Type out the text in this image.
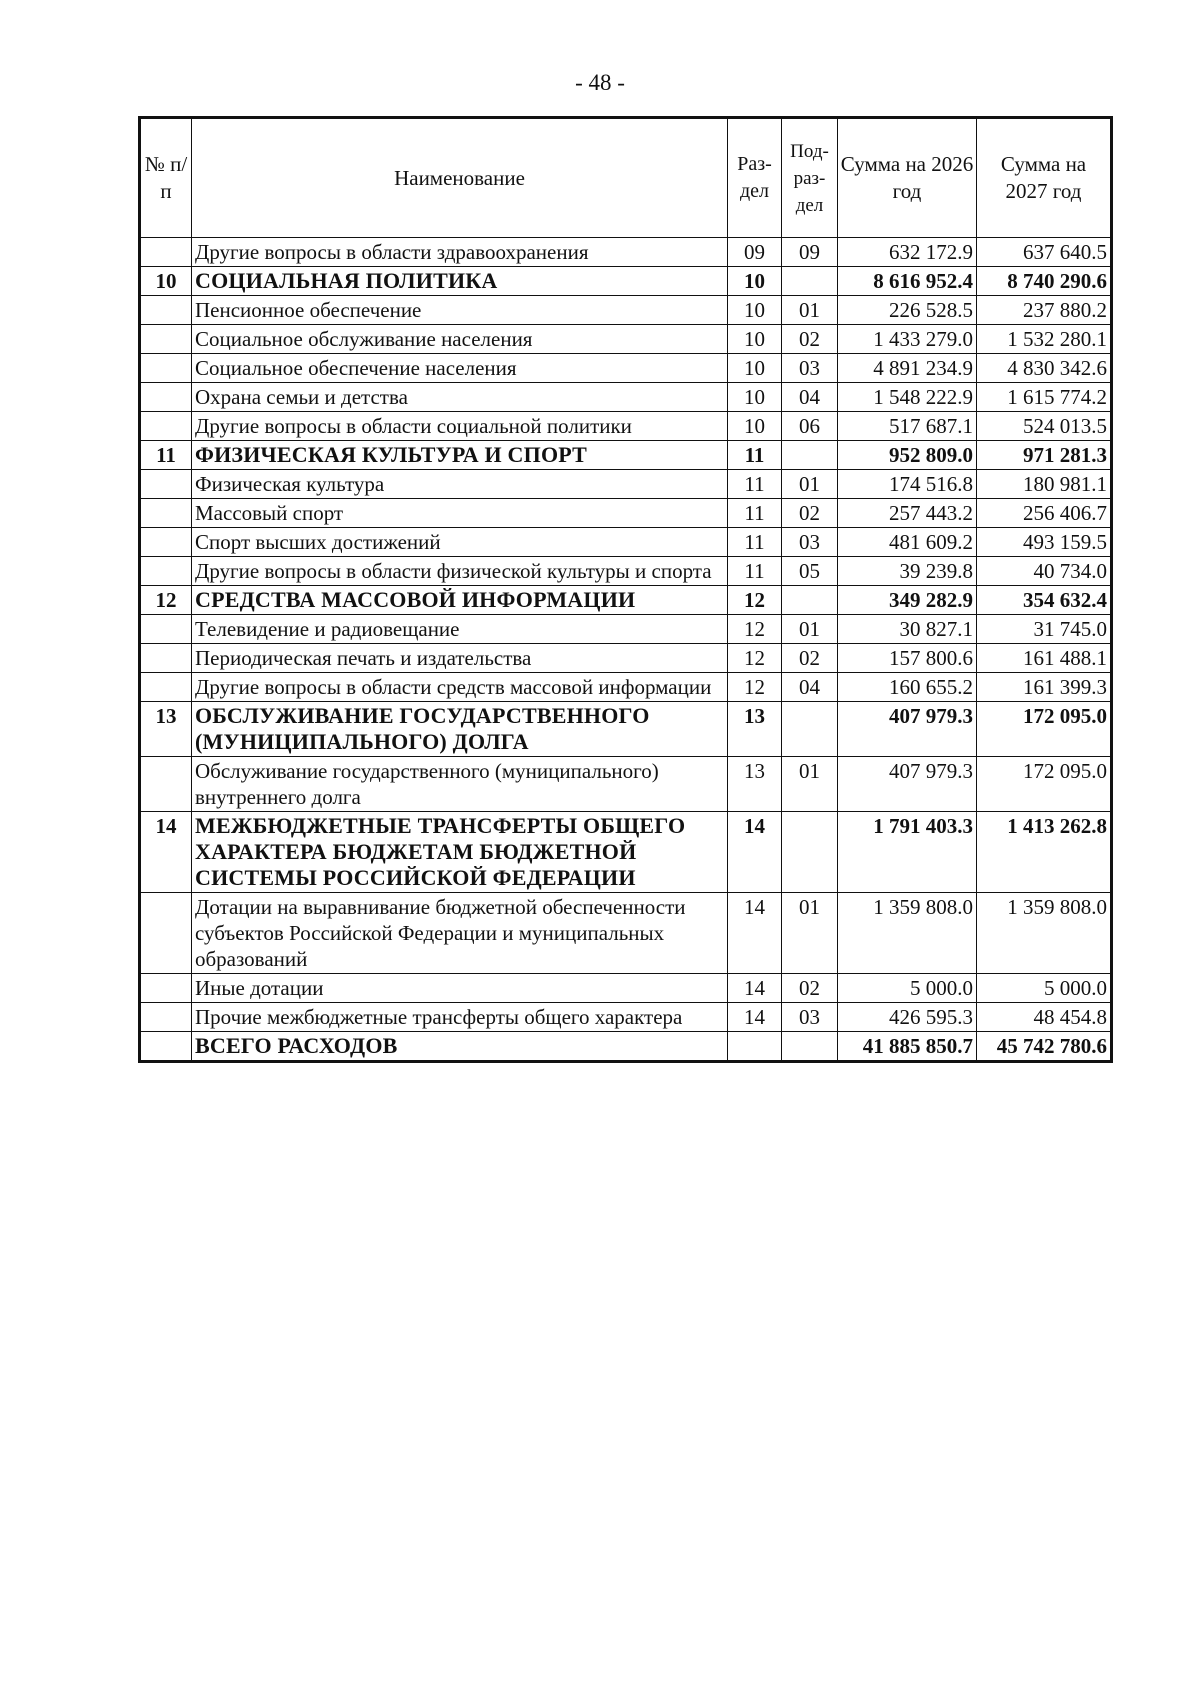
- 48 -
№ п/п	Наименование	Раз-дел	Под-раз-дел	Сумма на 2026 год	Сумма на 2027 год
	Другие вопросы в области здравоохранения	09	09	632 172.9	637 640.5
10	СОЦИАЛЬНАЯ ПОЛИТИКА	10		8 616 952.4	8 740 290.6
	Пенсионное обеспечение	10	01	226 528.5	237 880.2
	Социальное обслуживание населения	10	02	1 433 279.0	1 532 280.1
	Социальное обеспечение населения	10	03	4 891 234.9	4 830 342.6
	Охрана семьи и детства	10	04	1 548 222.9	1 615 774.2
	Другие вопросы в области социальной политики	10	06	517 687.1	524 013.5
11	ФИЗИЧЕСКАЯ КУЛЬТУРА И СПОРТ	11		952 809.0	971 281.3
	Физическая культура	11	01	174 516.8	180 981.1
	Массовый спорт	11	02	257 443.2	256 406.7
	Спорт высших достижений	11	03	481 609.2	493 159.5
	Другие вопросы в области физической культуры и спорта	11	05	39 239.8	40 734.0
12	СРЕДСТВА МАССОВОЙ ИНФОРМАЦИИ	12		349 282.9	354 632.4
	Телевидение и радиовещание	12	01	30 827.1	31 745.0
	Периодическая печать и издательства	12	02	157 800.6	161 488.1
	Другие вопросы в области средств массовой информации	12	04	160 655.2	161 399.3
13	ОБСЛУЖИВАНИЕ ГОСУДАРСТВЕННОГО (МУНИЦИПАЛЬНОГО) ДОЛГА	13		407 979.3	172 095.0
	Обслуживание государственного (муниципального) внутреннего долга	13	01	407 979.3	172 095.0
14	МЕЖБЮДЖЕТНЫЕ ТРАНСФЕРТЫ ОБЩЕГО ХАРАКТЕРА БЮДЖЕТАМ БЮДЖЕТНОЙ СИСТЕМЫ РОССИЙСКОЙ ФЕДЕРАЦИИ	14		1 791 403.3	1 413 262.8
	Дотации на выравнивание бюджетной обеспеченности субъектов Российской Федерации и муниципальных образований	14	01	1 359 808.0	1 359 808.0
	Иные дотации	14	02	5 000.0	5 000.0
	Прочие межбюджетные трансферты общего характера	14	03	426 595.3	48 454.8
	ВСЕГО РАСХОДОВ			41 885 850.7	45 742 780.6
